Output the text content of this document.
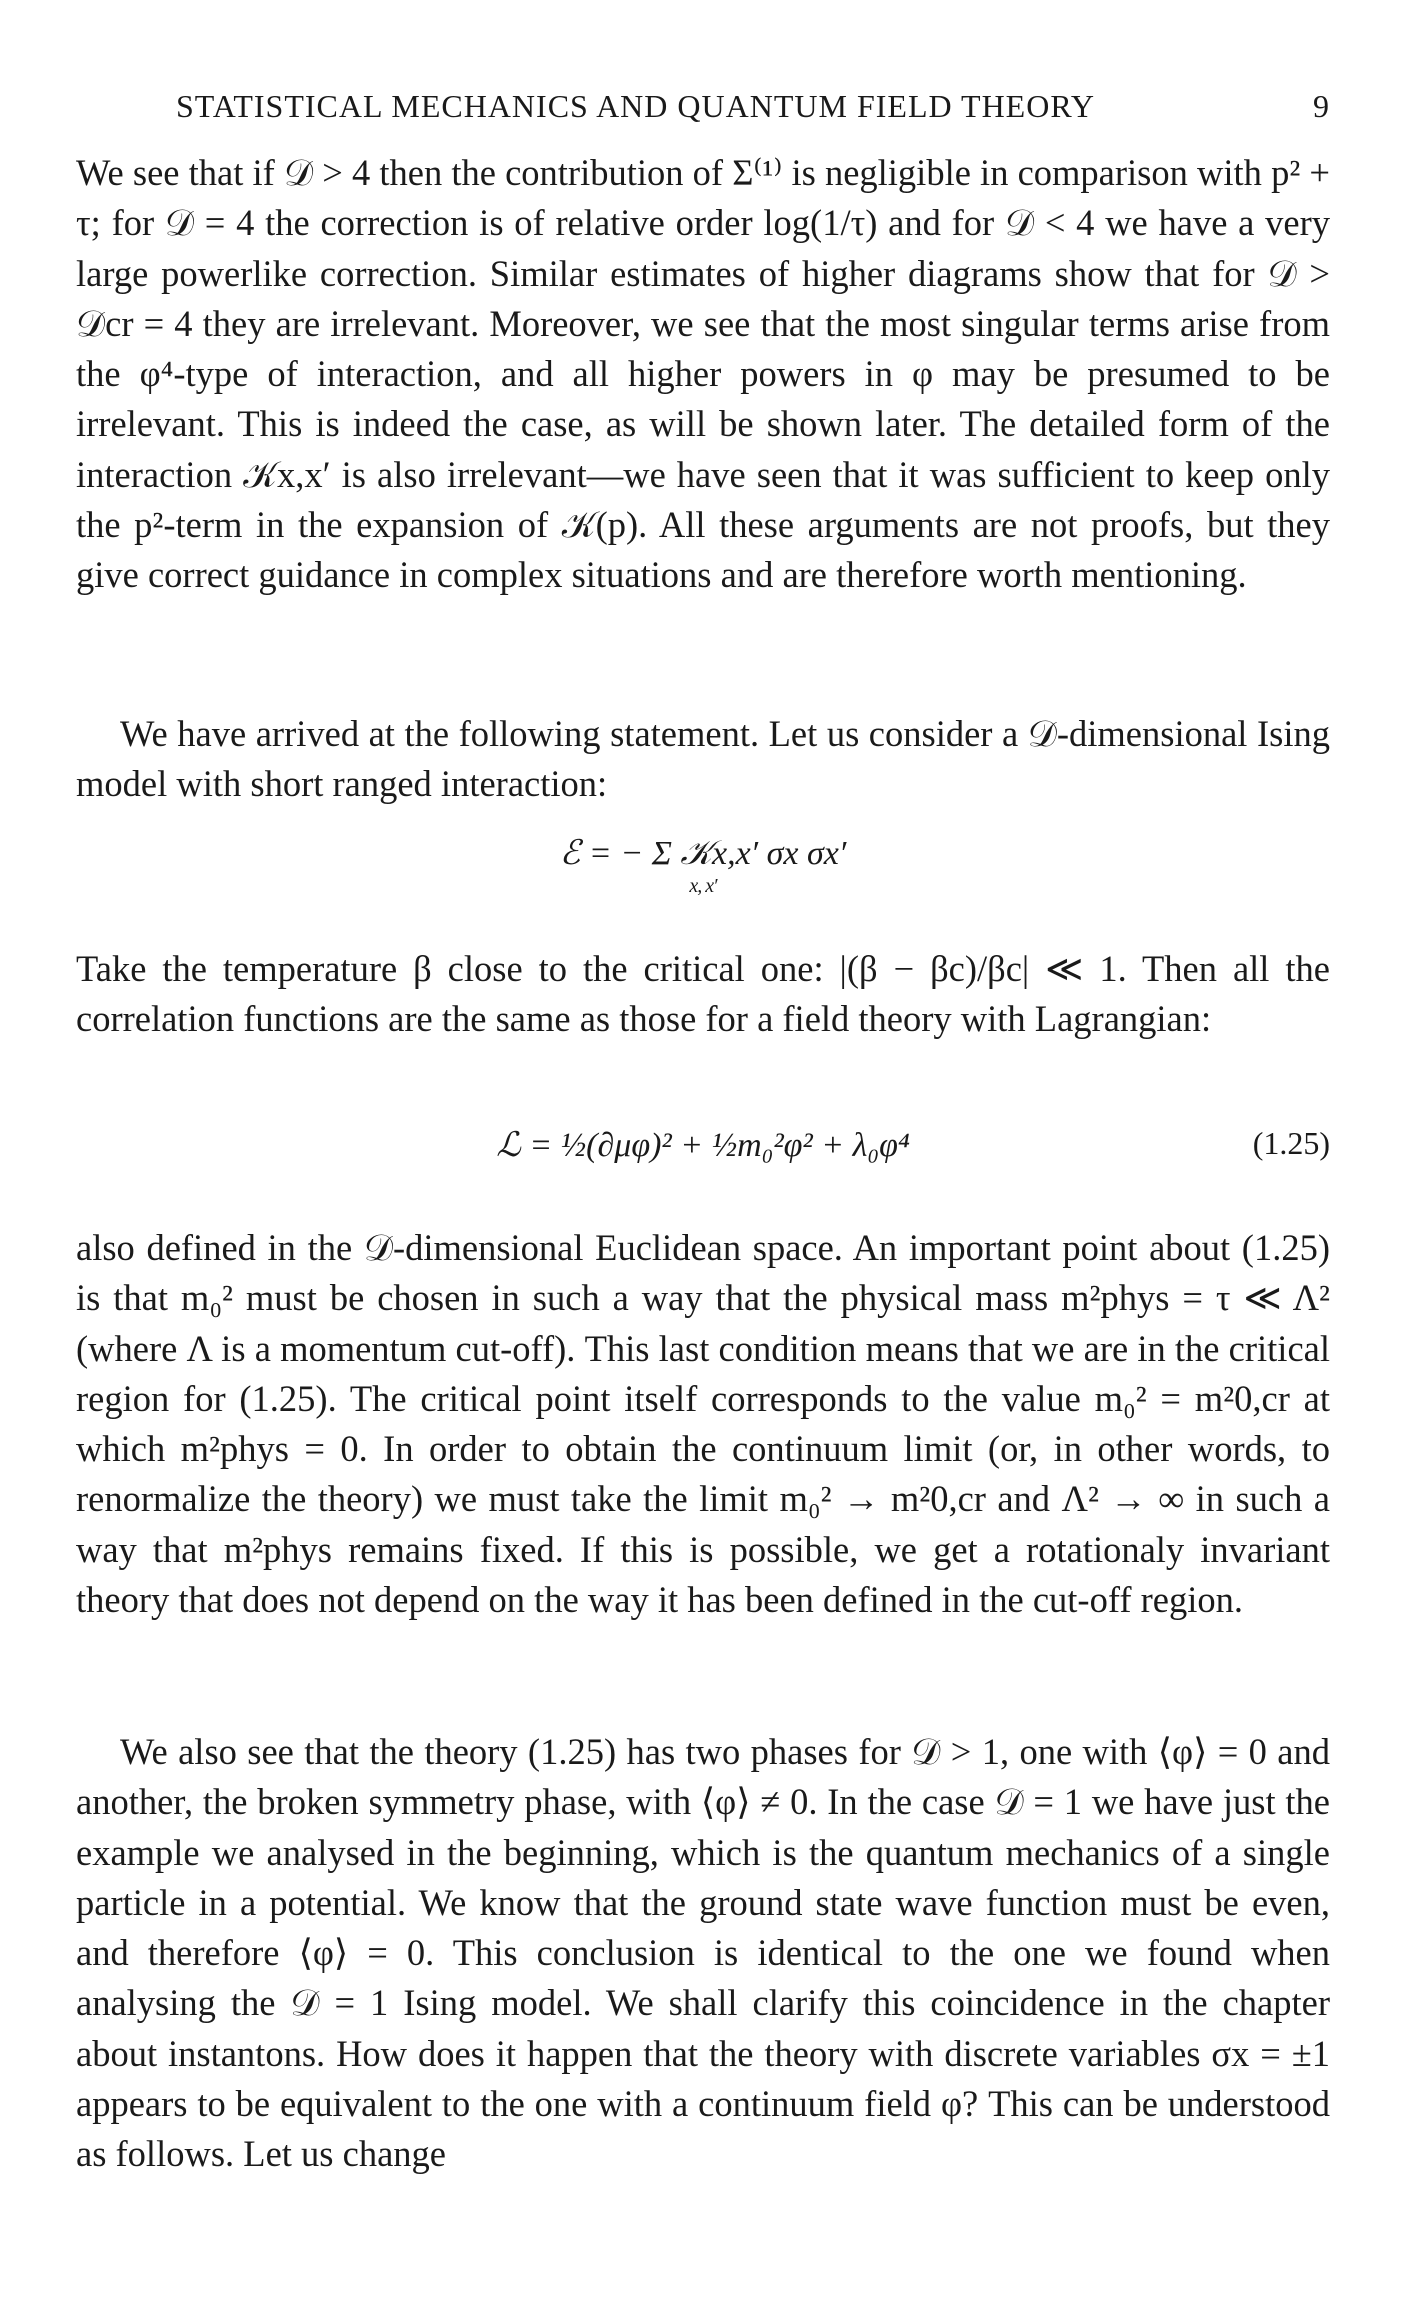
STATISTICAL MECHANICS AND QUANTUM FIELD THEORY	9

We see that if 𝒟 > 4 then the contribution of Σ⁽¹⁾ is negligible in comparison with p² + τ; for 𝒟 = 4 the correction is of relative order log(1/τ) and for 𝒟 < 4 we have a very large powerlike correction. Similar estimates of higher diagrams show that for 𝒟 > 𝒟cr = 4 they are irrelevant. Moreover, we see that the most singular terms arise from the φ⁴-type of interaction, and all higher powers in φ may be presumed to be irrelevant. This is indeed the case, as will be shown later. The detailed form of the interaction 𝒦x,x′ is also irrelevant—we have seen that it was sufficient to keep only the p²-term in the expansion of 𝒦(p). All these arguments are not proofs, but they give correct guidance in complex situations and are therefore worth mentioning.

We have arrived at the following statement. Let us consider a 𝒟-dimensional Ising model with short ranged interaction:

ℰ = − Σ 𝒦x,x′ σx σx′
x, x′

Take the temperature β close to the critical one: |(β − βc)/βc| ≪ 1. Then all the correlation functions are the same as those for a field theory with Lagrangian:

ℒ = ½(∂μφ)² + ½m₀²φ² + λ₀φ⁴	(1.25)

also defined in the 𝒟-dimensional Euclidean space. An important point about (1.25) is that m₀² must be chosen in such a way that the physical mass m²phys = τ ≪ Λ² (where Λ is a momentum cut-off). This last condition means that we are in the critical region for (1.25). The critical point itself corresponds to the value m₀² = m²0,cr at which m²phys = 0. In order to obtain the continuum limit (or, in other words, to renormalize the theory) we must take the limit m₀² → m²0,cr and Λ² → ∞ in such a way that m²phys remains fixed. If this is possible, we get a rotationaly invariant theory that does not depend on the way it has been defined in the cut-off region.

We also see that the theory (1.25) has two phases for 𝒟 > 1, one with ⟨φ⟩ = 0 and another, the broken symmetry phase, with ⟨φ⟩ ≠ 0. In the case 𝒟 = 1 we have just the example we analysed in the beginning, which is the quantum mechanics of a single particle in a potential. We know that the ground state wave function must be even, and therefore ⟨φ⟩ = 0. This conclusion is identical to the one we found when analysing the 𝒟 = 1 Ising model. We shall clarify this coincidence in the chapter about instantons. How does it happen that the theory with discrete variables σx = ±1 appears to be equivalent to the one with a continuum field φ? This can be understood as follows. Let us change
